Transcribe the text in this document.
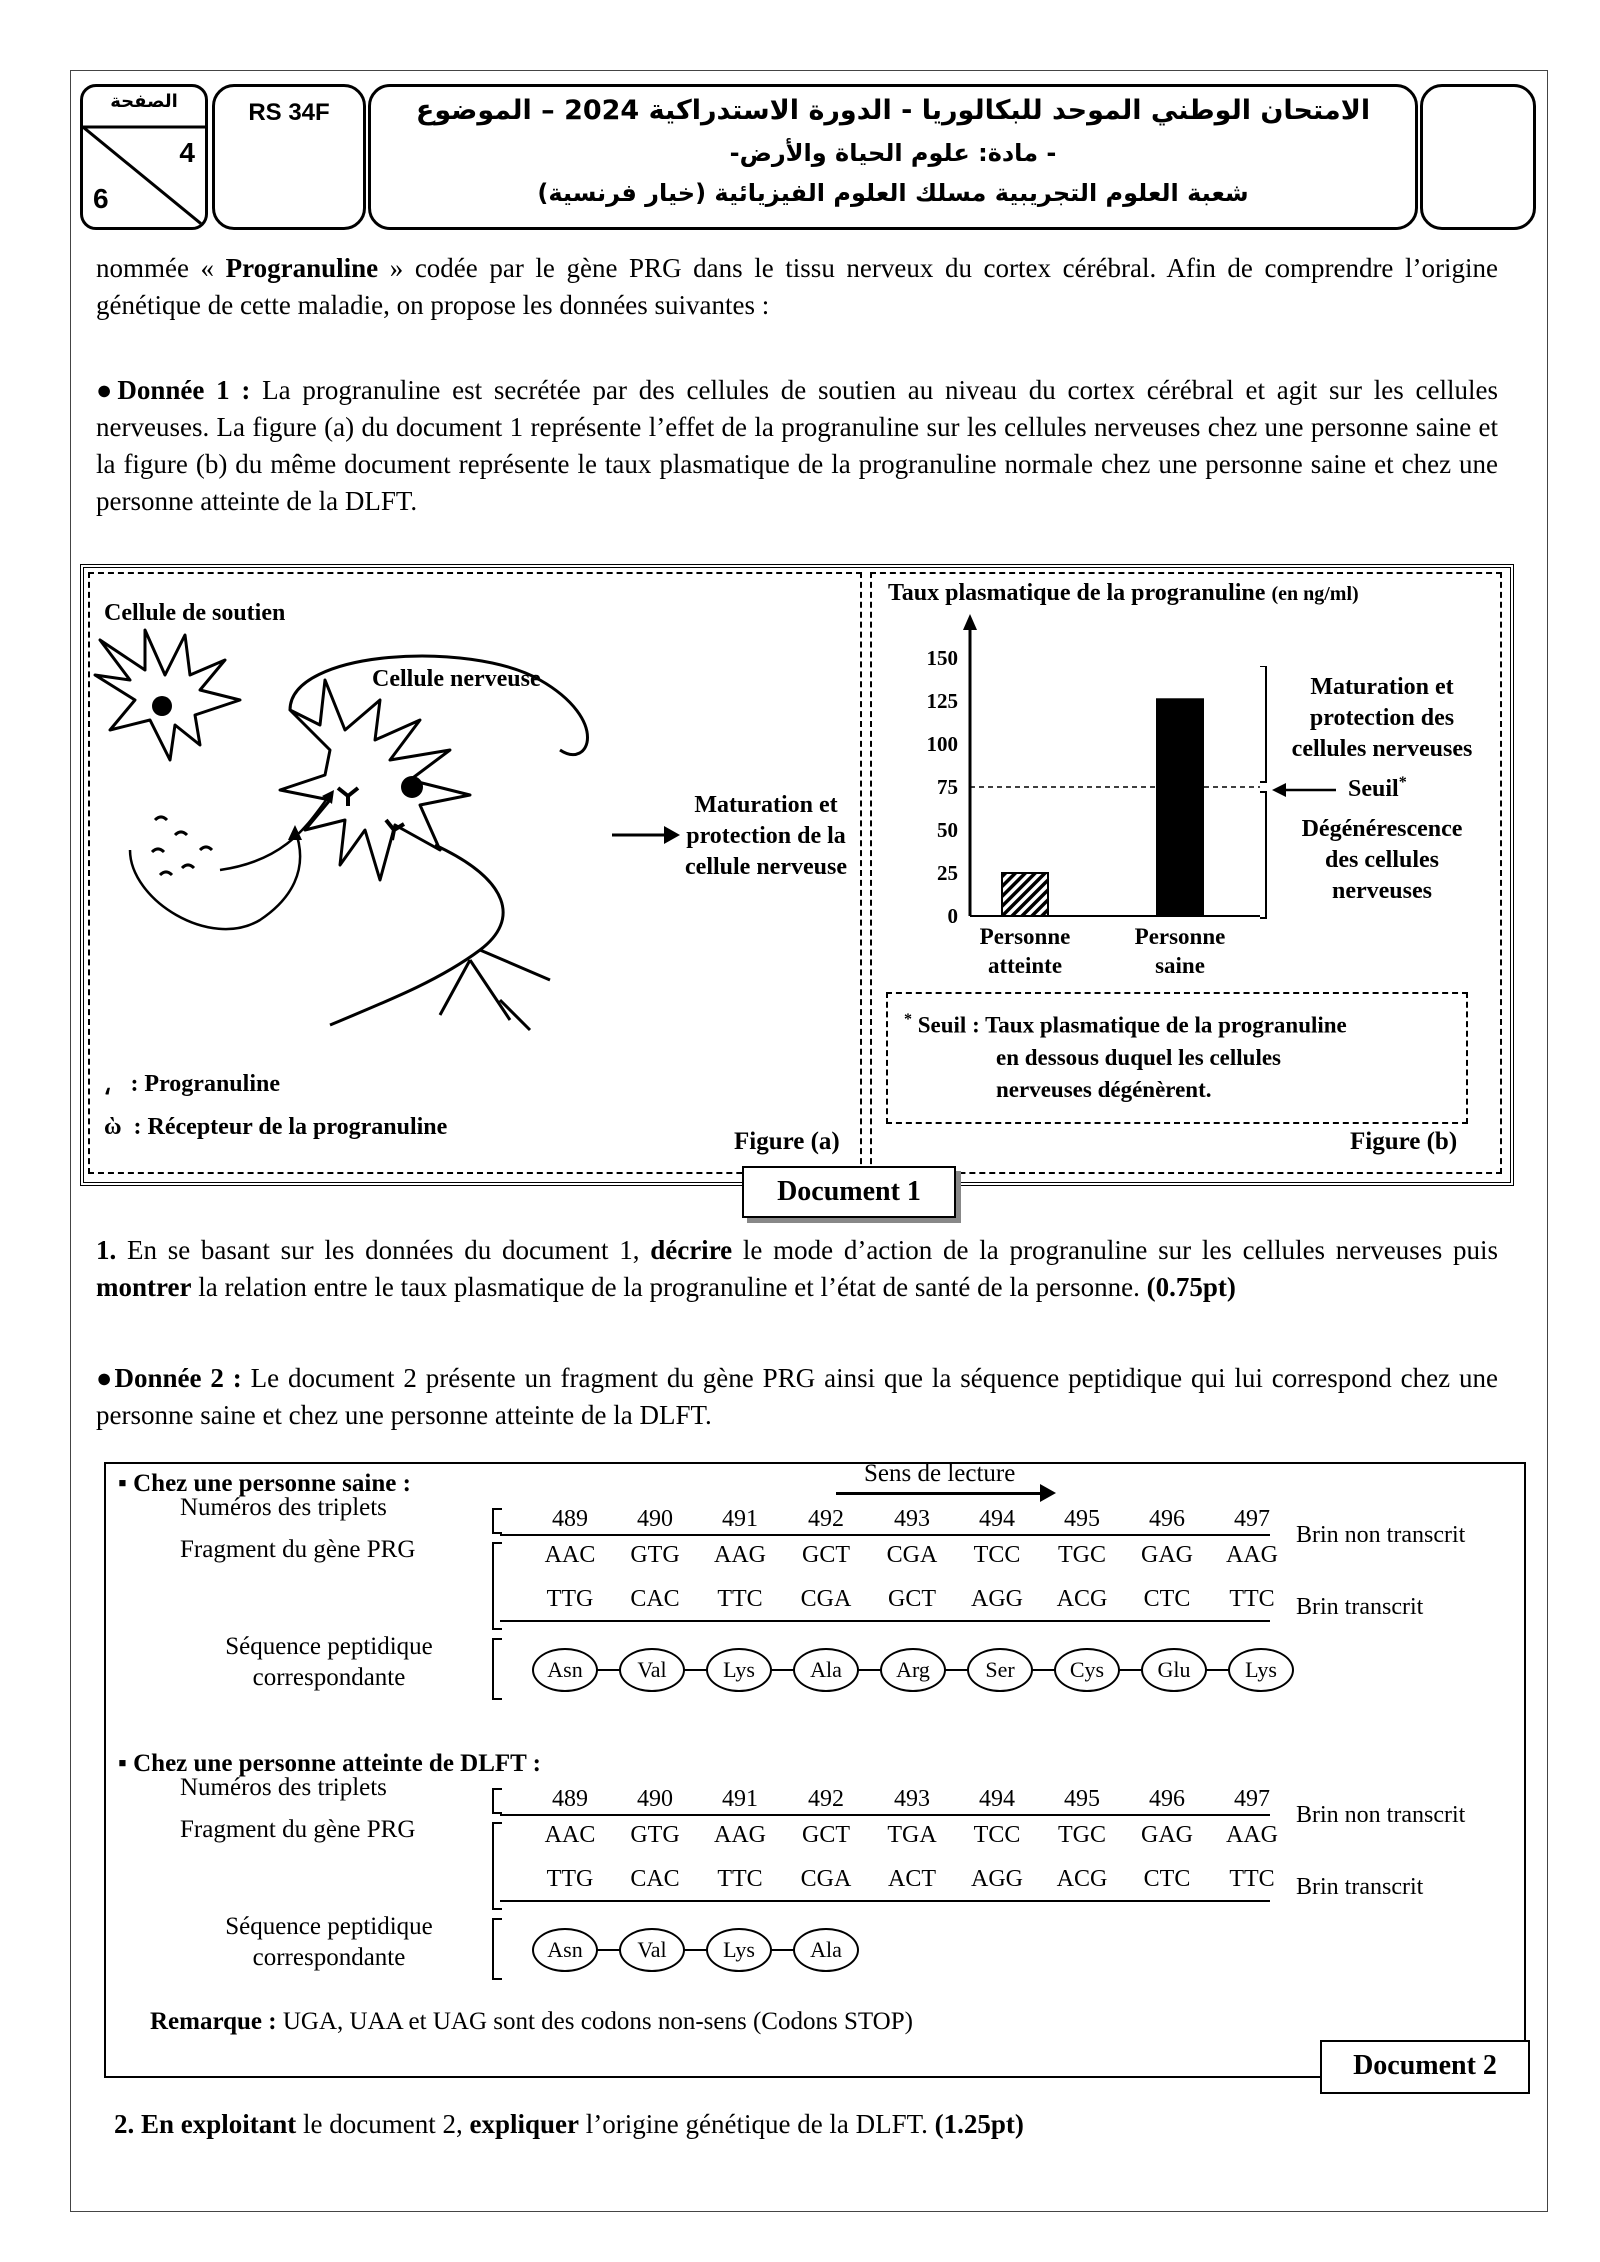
الصفحة
4
6
RS 34F	الامتحان الوطني الموحد للبكالوريا - الدورة الاستدراكية 2024 – الموضوع
- مادة: علوم الحياة والأرض-
شعبة العلوم التجريبية مسلك العلوم الفيزيائية (خيار فرنسية)
nommée « Progranuline » codée par le gène PRG dans le tissu nerveux du cortex cérébral. Afin de comprendre l’origine génétique de cette maladie, on propose les données suivantes :
●Donnée 1 : La progranuline est secrétée par des cellules de soutien au niveau du cortex cérébral et agit sur les cellules nerveuses. La figure (a) du document 1 représente l’effet de la progranuline sur les cellules nerveuses chez une personne saine et la figure (b) du même document représente le taux plasmatique de la progranuline normale chez une personne saine et chez une personne atteinte de la DLFT.
Cellule de soutien
Cellule nerveuse
Maturation et
protection de la
cellule nerveuse
⸲ : Progranuline
ὼ : Récepteur de la progranuline
Figure (a)
Taux plasmatique de la progranuline (en ng/ml)
0
25
50
75
100
125
150
Personne
atteinte
Personne
saine
Maturation et
protection des
cellules nerveuses
Seuil*
Dégénérescence
des cellules
nerveuses
* Seuil : Taux plasmatique de la progranuline
en dessous duquel les cellules
nerveuses dégénèrent.
Figure (b)
Document 1
1. En se basant sur les données du document 1, décrire le mode d’action de la progranuline sur les cellules nerveuses puis montrer la relation entre le taux plasmatique de la progranuline et l’état de santé de la personne. (0.75pt)
●Donnée 2 : Le document 2 présente un fragment du gène PRG ainsi que la séquence peptidique qui lui correspond chez une personne saine et chez une personne atteinte de la DLFT.
Sens de lecture
▪ Chez une personne saine :
Numéros des triplets
Fragment du gène PRG
Séquence peptidique
correspondante
489	490	491	492	493	494	495	496	497
AAC	GTG	AAG	GCT	CGA	TCC	TGC	GAG	AAG
TTG	CAC	TTC	CGA	GCT	AGG	ACG	CTC	TTC
Brin non transcrit
Brin transcrit
Asn	Val	Lys	Ala	Arg	Ser	Cys	Glu	Lys
▪ Chez une personne atteinte de DLFT :
Numéros des triplets
Fragment du gène PRG
Séquence peptidique
correspondante
489	490	491	492	493	494	495	496	497
AAC	GTG	AAG	GCT	TGA	TCC	TGC	GAG	AAG
TTG	CAC	TTC	CGA	ACT	AGG	ACG	CTC	TTC
Brin non transcrit
Brin transcrit
Asn	Val	Lys	Ala
Remarque : UGA, UAA et UAG sont des codons non-sens (Codons STOP)
Document 2
2. En exploitant le document 2, expliquer l’origine génétique de la DLFT. (1.25pt)
